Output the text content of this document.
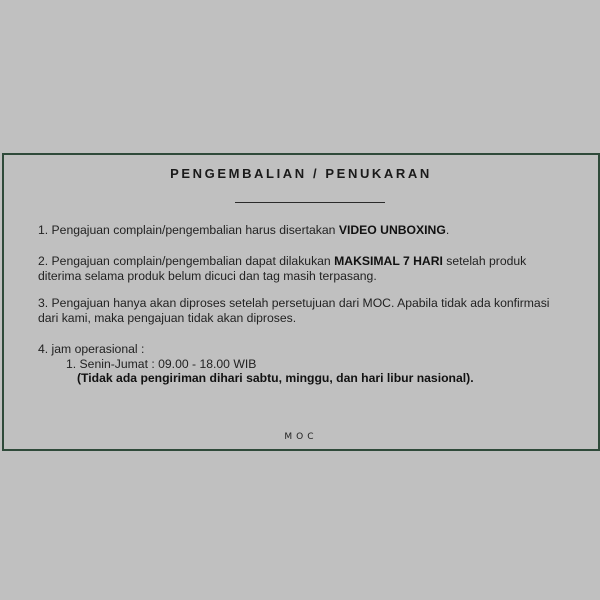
PENGEMBALIAN / PENUKARAN
1. Pengajuan complain/pengembalian harus disertakan VIDEO UNBOXING.
2. Pengajuan complain/pengembalian dapat dilakukan MAKSIMAL 7 HARI setelah produk diterima selama produk belum dicuci dan tag masih terpasang.
3. Pengajuan hanya akan diproses setelah persetujuan dari MOC. Apabila tidak ada konfirmasi dari kami, maka pengajuan tidak akan diproses.
4. jam operasional :
1. Senin-Jumat : 09.00 - 18.00 WIB
(Tidak ada pengiriman dihari sabtu, minggu, dan hari libur nasional).
MOC
